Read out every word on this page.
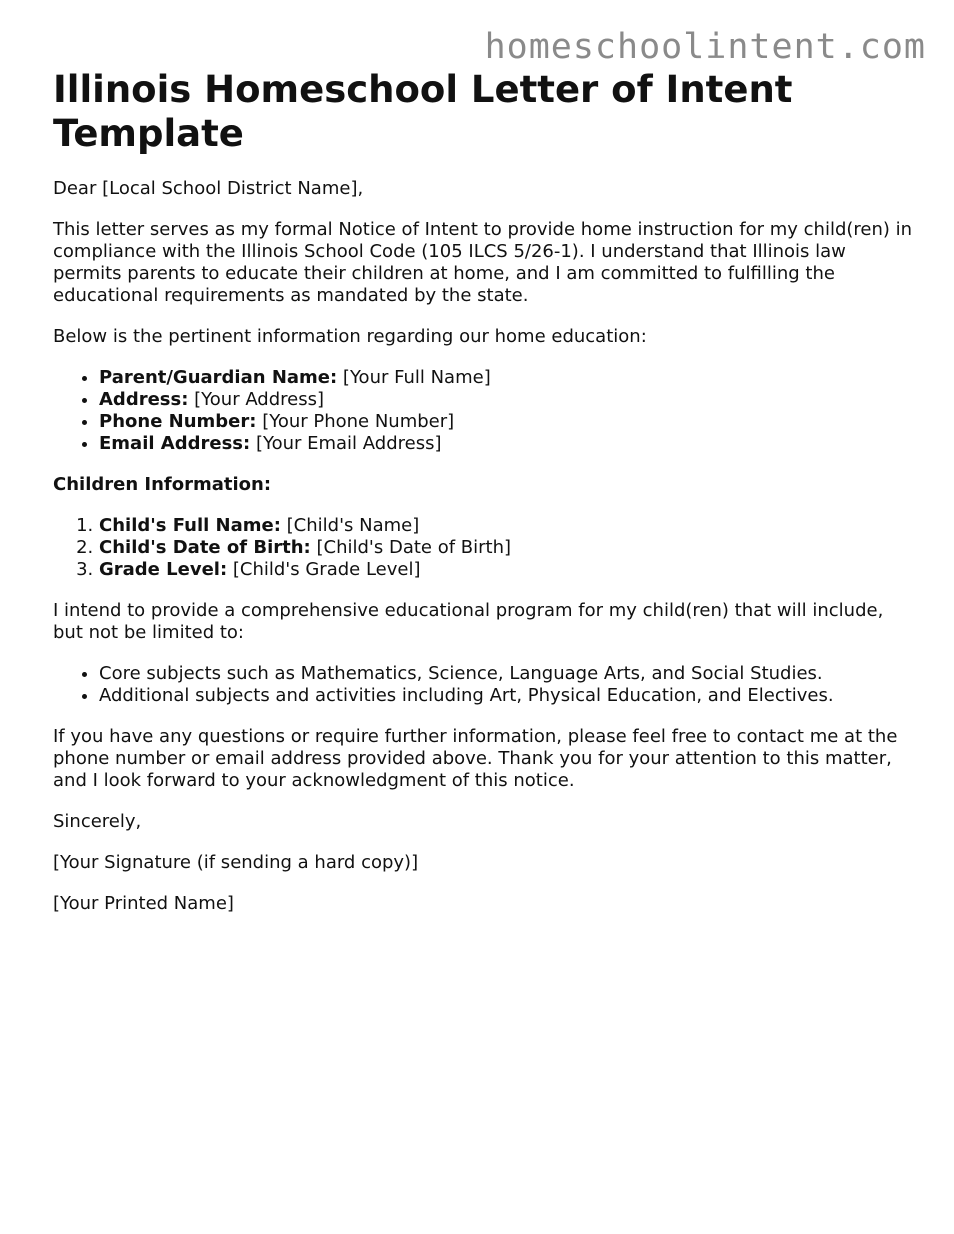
homeschoolintent.com
Illinois Homeschool Letter of Intent Template

Dear [Local School District Name],

This letter serves as my formal Notice of Intent to provide home instruction for my child(ren) in compliance with the Illinois School Code (105 ILCS 5/26-1). I understand that Illinois law permits parents to educate their children at home, and I am committed to fulfilling the educational requirements as mandated by the state.

Below is the pertinent information regarding our home education:

• Parent/Guardian Name: [Your Full Name]
• Address: [Your Address]
• Phone Number: [Your Phone Number]
• Email Address: [Your Email Address]

Children Information:

1. Child's Full Name: [Child's Name]
2. Child's Date of Birth: [Child's Date of Birth]
3. Grade Level: [Child's Grade Level]

I intend to provide a comprehensive educational program for my child(ren) that will include, but not be limited to:

• Core subjects such as Mathematics, Science, Language Arts, and Social Studies.
• Additional subjects and activities including Art, Physical Education, and Electives.

If you have any questions or require further information, please feel free to contact me at the phone number or email address provided above. Thank you for your attention to this matter, and I look forward to your acknowledgment of this notice.

Sincerely,

[Your Signature (if sending a hard copy)]

[Your Printed Name]
